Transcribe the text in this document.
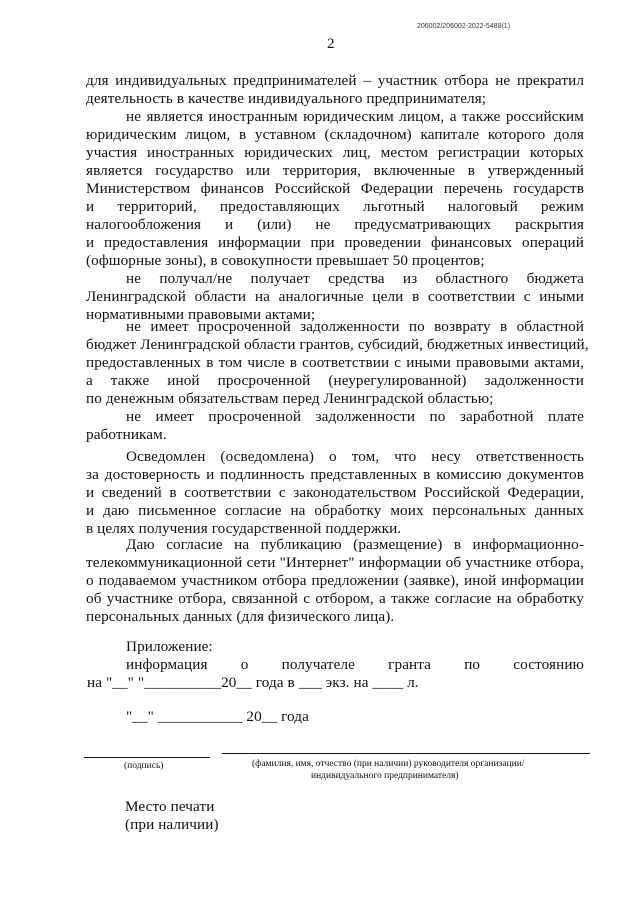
206002/206002-2022-5488(1)
2
для индивидуальных предпринимателей – участник отбора не прекратил
деятельность в качестве индивидуального предпринимателя;
не является иностранным юридическим лицом, а также российским
юридическим лицом, в уставном (складочном) капитале которого доля
участия иностранных юридических лиц, местом регистрации которых
является государство или территория, включенные в утвержденный
Министерством финансов Российской Федерации перечень государств
и территорий, предоставляющих льготный налоговый режим
налогообложения и (или) не предусматривающих раскрытия
и предоставления информации при проведении финансовых операций
(офшорные зоны), в совокупности превышает 50 процентов;
не получал/не получает средства из областного бюджета
Ленинградской области на аналогичные цели в соответствии с иными
нормативными правовыми актами;
не имеет просроченной задолженности по возврату в областной
бюджет Ленинградской области грантов, субсидий, бюджетных инвестиций,
предоставленных в том числе в соответствии с иными правовыми актами,
а также иной просроченной (неурегулированной) задолженности
по денежным обязательствам перед Ленинградской областью;
не имеет просроченной задолженности по заработной плате
работникам.
Осведомлен (осведомлена) о том, что несу ответственность
за достоверность и подлинность представленных в комиссию документов
и сведений в соответствии с законодательством Российской Федерации,
и даю письменное согласие на обработку моих персональных данных
в целях получения государственной поддержки.
Даю согласие на публикацию (размещение) в информационно-
телекоммуникационной сети "Интернет" информации об участнике отбора,
о подаваемом участником отбора предложении (заявке), иной информации
об участнике отбора, связанной с отбором, а также согласие на обработку
персональных данных (для физического лица).
Приложение:
информация о получателе гранта по состоянию
на "__" "__________20__ года в ___ экз. на ____ л.
"__" ___________ 20__ года
(подпись)	(фамилия, имя, отчество (при наличии) руководителя организации/
индивидуального предпринимателя)
Место печати
(при наличии)
